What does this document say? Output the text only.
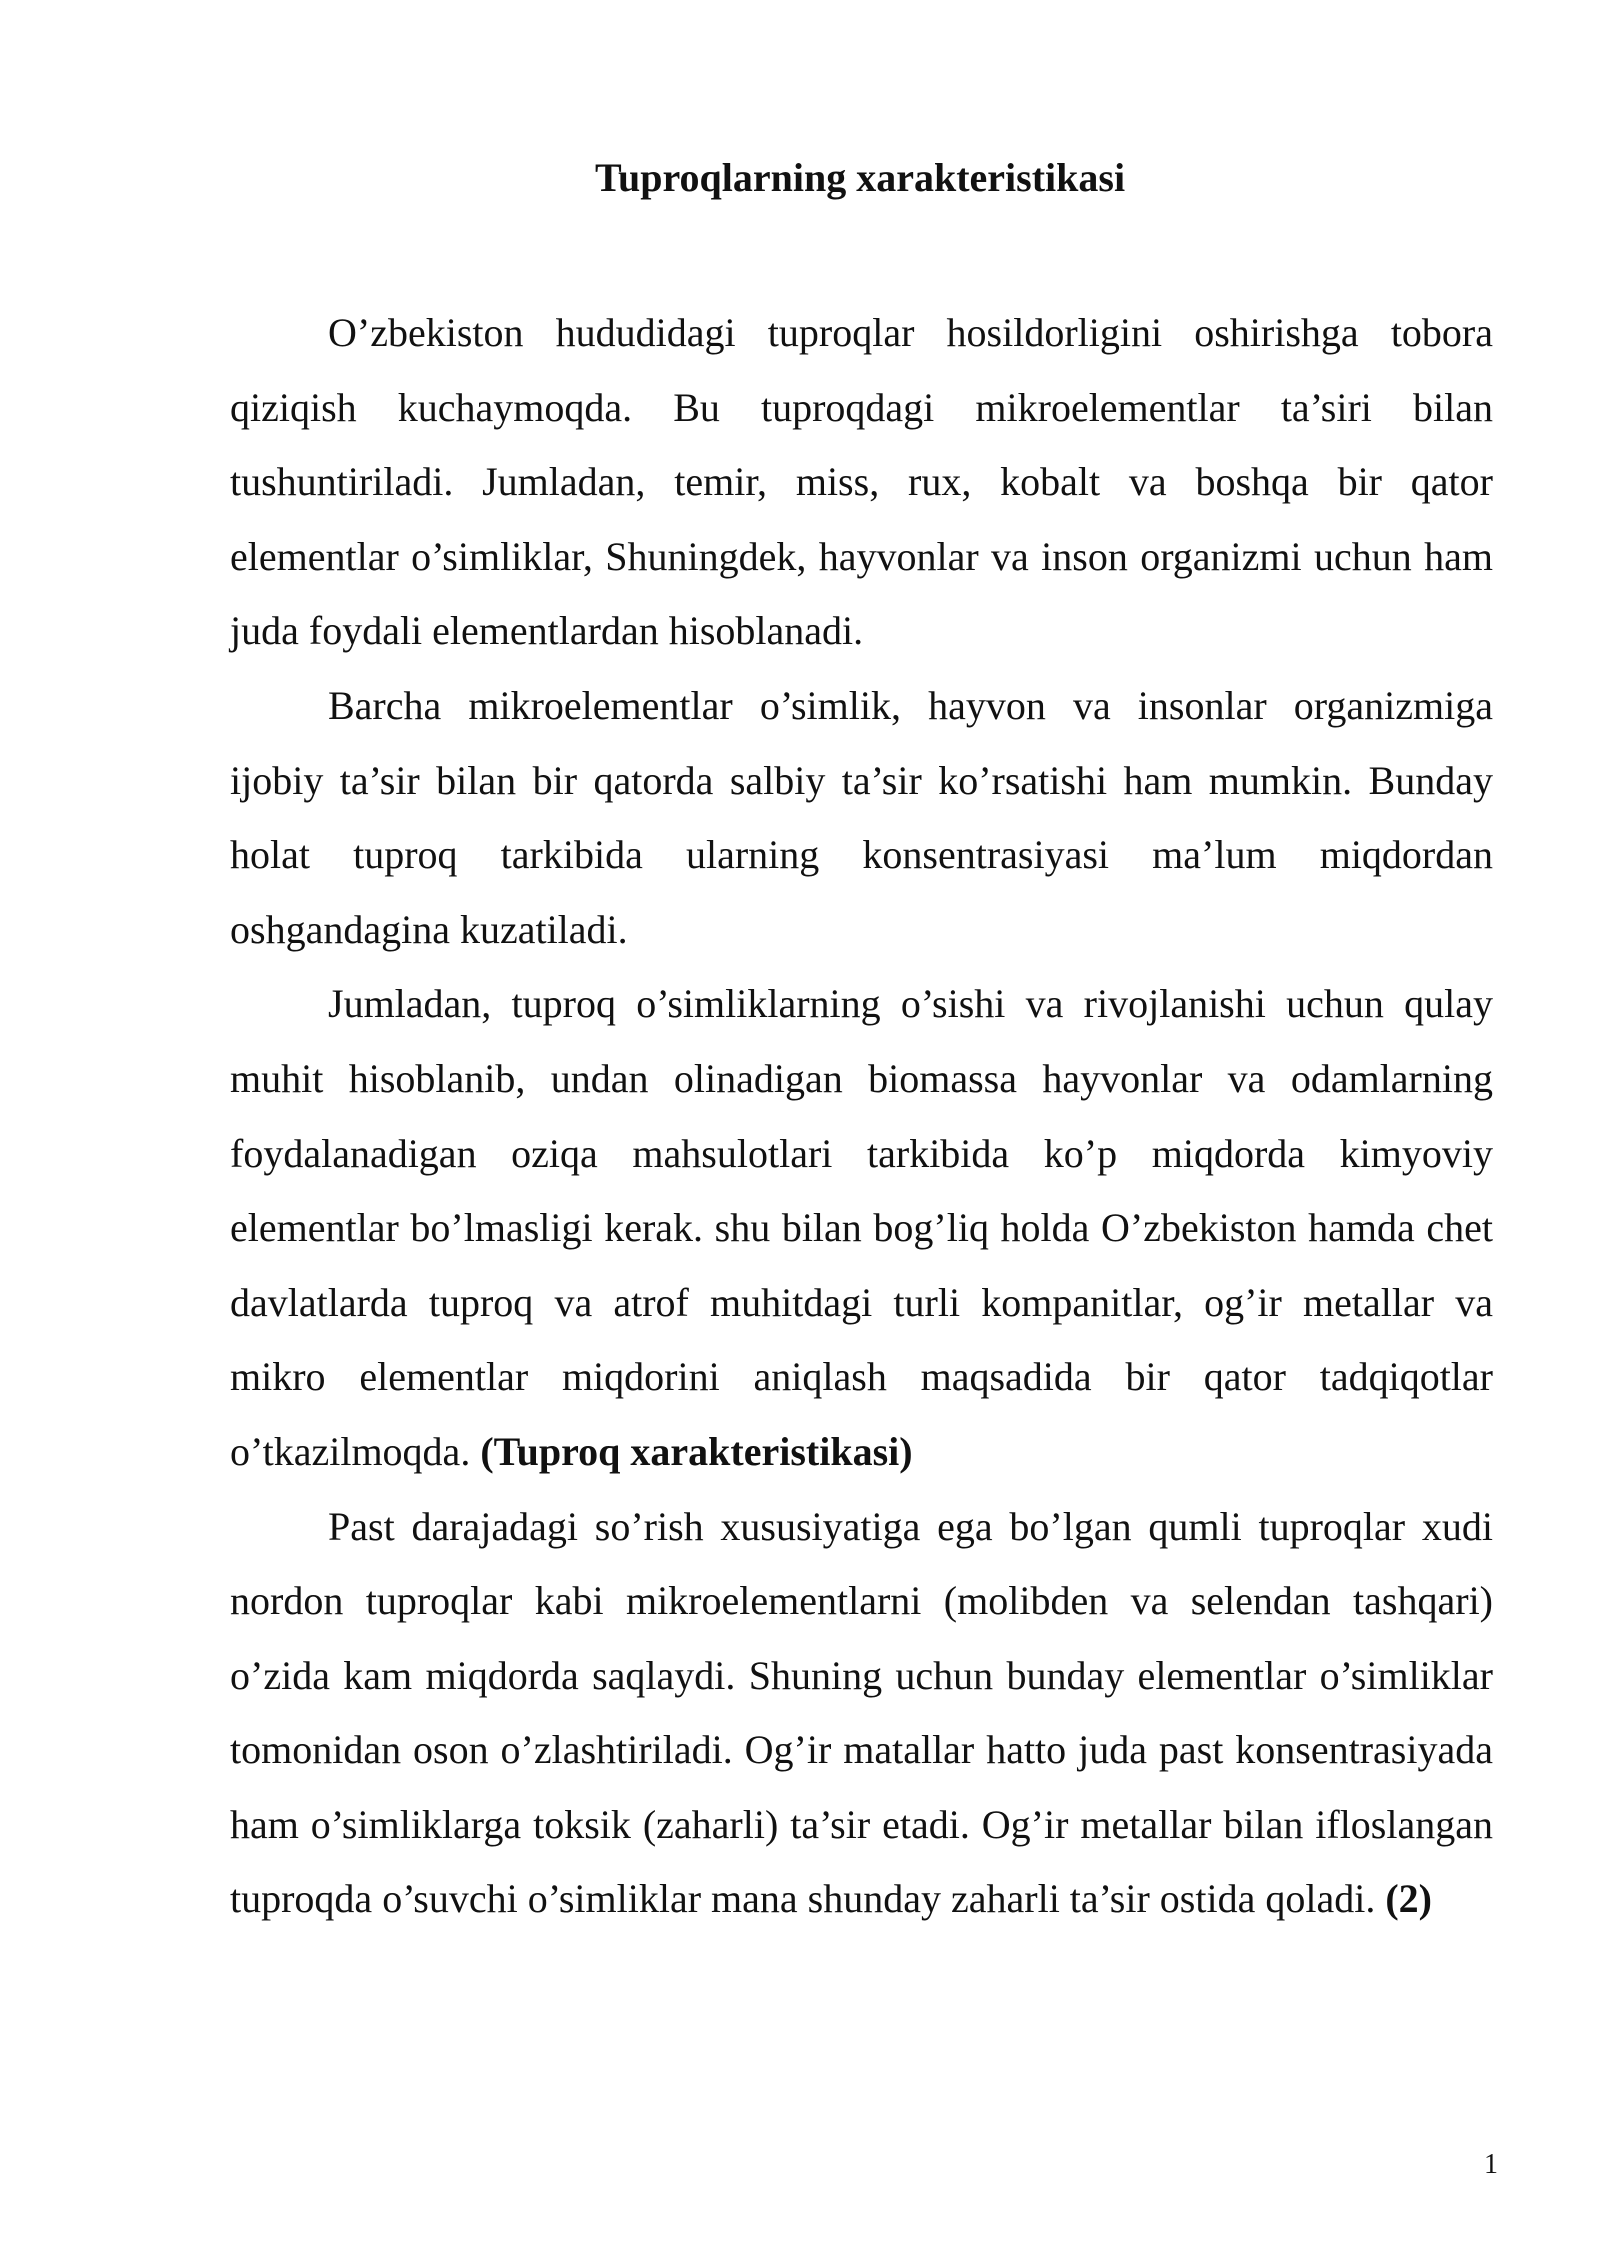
Tuproqlarning xarakteristikasi

O’zbekiston hududidagi tuproqlar hosildorligini oshirishga tobora qiziqish kuchaymoqda. Bu tuproqdagi mikroelementlar ta’siri bilan tushuntiriladi. Jumladan, temir, miss, rux, kobalt va boshqa bir qator elementlar o’simliklar, Shuningdek, hayvonlar va inson organizmi uchun ham juda foydali elementlardan hisoblanadi.

Barcha mikroelementlar o’simlik, hayvon va insonlar organizmiga ijobiy ta’sir bilan bir qatorda salbiy ta’sir ko’rsatishi ham mumkin. Bunday holat tuproq tarkibida ularning konsentrasiyasi ma’lum miqdordan oshgandagina kuzatiladi.

Jumladan, tuproq o’simliklarning o’sishi va rivojlanishi uchun qulay muhit hisoblanib, undan olinadigan biomassa hayvonlar va odamlarning foydalanadigan oziqa mahsulotlari tarkibida ko’p miqdorda kimyoviy elementlar bo’lmasligi kerak. shu bilan bog’liq holda O’zbekiston hamda chet davlatlarda tuproq va atrof muhitdagi turli kompanitlar, og’ir metallar va mikro elementlar miqdorini aniqlash maqsadida bir qator tadqiqotlar o’tkazilmoqda. (Tuproq xarakteristikasi)

Past darajadagi so’rish xususiyatiga ega bo’lgan qumli tuproqlar xudi nordon tuproqlar kabi mikroelementlarni (molibden va selendan tashqari) o’zida kam miqdorda saqlaydi. Shuning uchun bunday elementlar o’simliklar tomonidan oson o’zlashtiriladi. Og’ir matallar hatto juda past konsentrasiyada ham o’simliklarga toksik (zaharli) ta’sir etadi. Og’ir metallar bilan ifloslangan tuproqda o’suvchi o’simliklar mana shunday zaharli ta’sir ostida qoladi. (2)

1
